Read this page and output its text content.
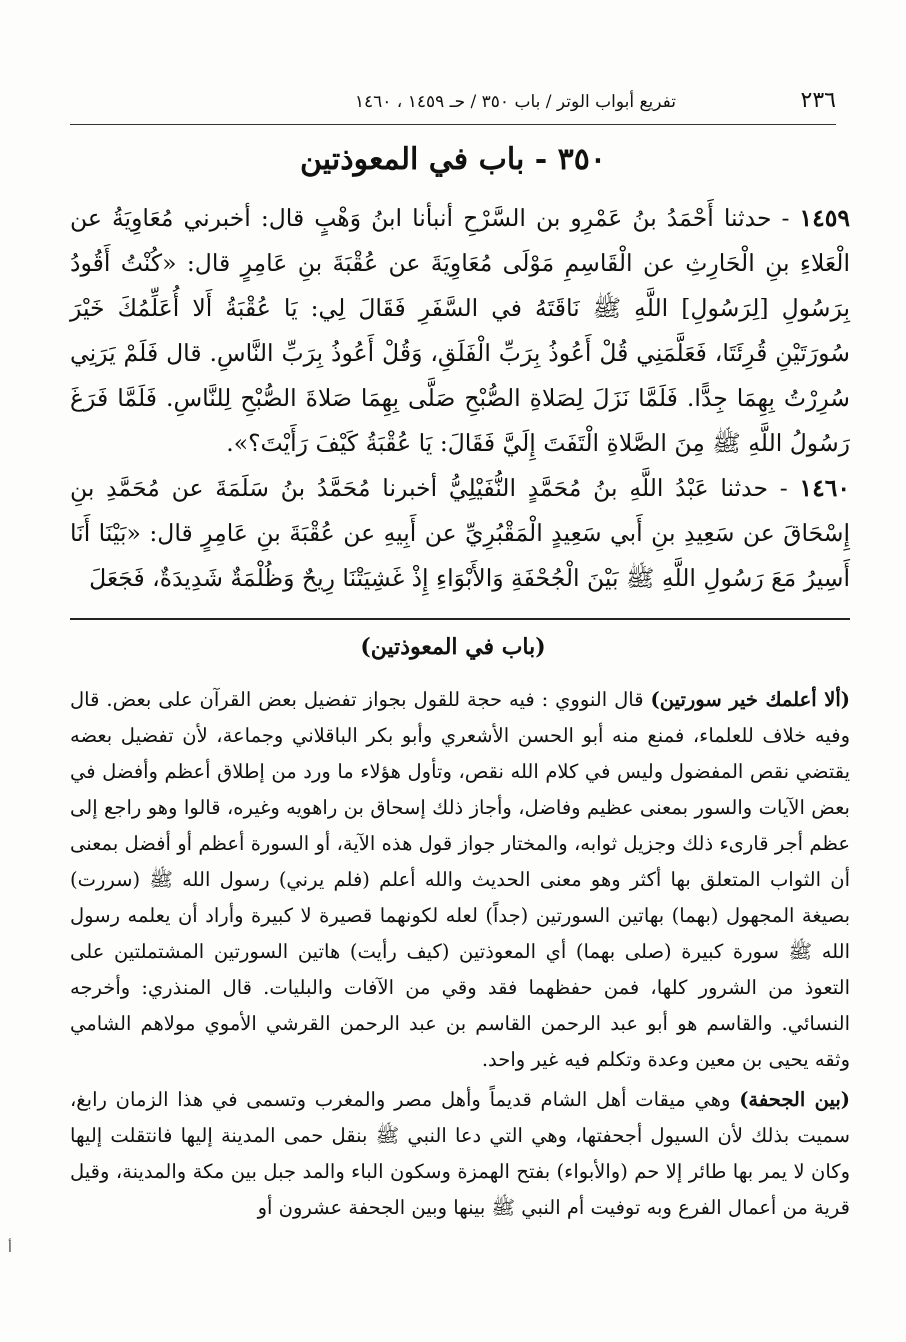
٢٣٦
تفريع أبواب الوتر / باب ٣٥٠ / حـ ١٤٥٩ ، ١٤٦٠
٣٥٠ - باب في المعوذتين

١٤٥٩ - حدثنا أَحْمَدُ بنُ عَمْرِو بن السَّرْحِ أنبأنا ابنُ وَهْبٍ قال: أخبرني مُعَاوِيَةُ عن الْعَلاءِ بنِ الْحَارِثِ عن الْقَاسِمِ مَوْلَى مُعَاوِيَةَ عن عُقْبَةَ بنِ عَامِرٍ قال: «كُنْتُ أَقُودُ بِرَسُولِ [لِرَسُولِ] اللَّهِ ﷺ نَاقَتَهُ في السَّفَرِ فَقَالَ لِي: يَا عُقْبَةُ أَلا أُعَلِّمُكَ خَيْرَ سُورَتَيْنِ قُرِئَتَا، فَعَلَّمَنِي قُلْ أَعُوذُ بِرَبِّ الْفَلَقِ، وَقُلْ أَعُوذُ بِرَبِّ النَّاسِ. قال فَلَمْ يَرَنِي سُرِرْتُ بِهِمَا جِدًّا. فَلَمَّا نَزَلَ لِصَلاةِ الصُّبْحِ صَلَّى بِهِمَا صَلاةَ الصُّبْحِ لِلنَّاسِ. فَلَمَّا فَرَغَ رَسُولُ اللَّهِ ﷺ مِنَ الصَّلاةِ الْتَفَتَ إِلَيَّ فَقَالَ: يَا عُقْبَةُ كَيْفَ رَأَيْتَ؟».

١٤٦٠ - حدثنا عَبْدُ اللَّهِ بنُ مُحَمَّدٍ النُّفَيْلِيُّ أخبرنا مُحَمَّدُ بنُ سَلَمَةَ عن مُحَمَّدِ بنِ إِسْحَاقَ عن سَعِيدِ بنِ أَبي سَعِيدٍ الْمَقْبُرِيِّ عن أَبِيهِ عن عُقْبَةَ بنِ عَامِرٍ قال: «بَيْنَا أَنَا أَسِيرُ مَعَ رَسُولِ اللَّهِ ﷺ بَيْنَ الْجُحْفَةِ وَالأَبْوَاءِ إِذْ غَشِيَتْنَا رِيحٌ وَظُلْمَةٌ شَدِيدَةٌ، فَجَعَلَ

(باب في المعوذتين)

(ألا أعلمك خير سورتين) قال النووي : فيه حجة للقول بجواز تفضيل بعض القرآن على بعض. قال وفيه خلاف للعلماء، فمنع منه أبو الحسن الأشعري وأبو بكر الباقلاني وجماعة، لأن تفضيل بعضه يقتضي نقص المفضول وليس في كلام الله نقص، وتأول هؤلاء ما ورد من إطلاق أعظم وأفضل في بعض الآيات والسور بمعنى عظيم وفاضل، وأجاز ذلك إسحاق بن راهويه وغيره، قالوا وهو راجع إلى عظم أجر قارىء ذلك وجزيل ثوابه، والمختار جواز قول هذه الآية، أو السورة أعظم أو أفضل بمعنى أن الثواب المتعلق بها أكثر وهو معنى الحديث والله أعلم (فلم يرني) رسول الله ﷺ (سررت) بصيغة المجهول (بهما) بهاتين السورتين (جداً) لعله لكونهما قصيرة لا كبيرة وأراد أن يعلمه رسول الله ﷺ سورة كبيرة (صلى بهما) أي المعوذتين (كيف رأيت) هاتين السورتين المشتملتين على التعوذ من الشرور كلها، فمن حفظهما فقد وقي من الآفات والبليات. قال المنذري: وأخرجه النسائي. والقاسم هو أبو عبد الرحمن القاسم بن عبد الرحمن القرشي الأموي مولاهم الشامي وثقه يحيى بن معين وعدة وتكلم فيه غير واحد.

(بين الجحفة) وهي ميقات أهل الشام قديماً وأهل مصر والمغرب وتسمى في هذا الزمان رابغ، سميت بذلك لأن السيول أجحفتها، وهي التي دعا النبي ﷺ بنقل حمى المدينة إليها فانتقلت إليها وكان لا يمر بها طائر إلا حم (والأبواء) بفتح الهمزة وسكون الباء والمد جبل بين مكة والمدينة، وقيل قرية من أعمال الفرع وبه توفيت أم النبي ﷺ بينها وبين الجحفة عشرون أو

أ
